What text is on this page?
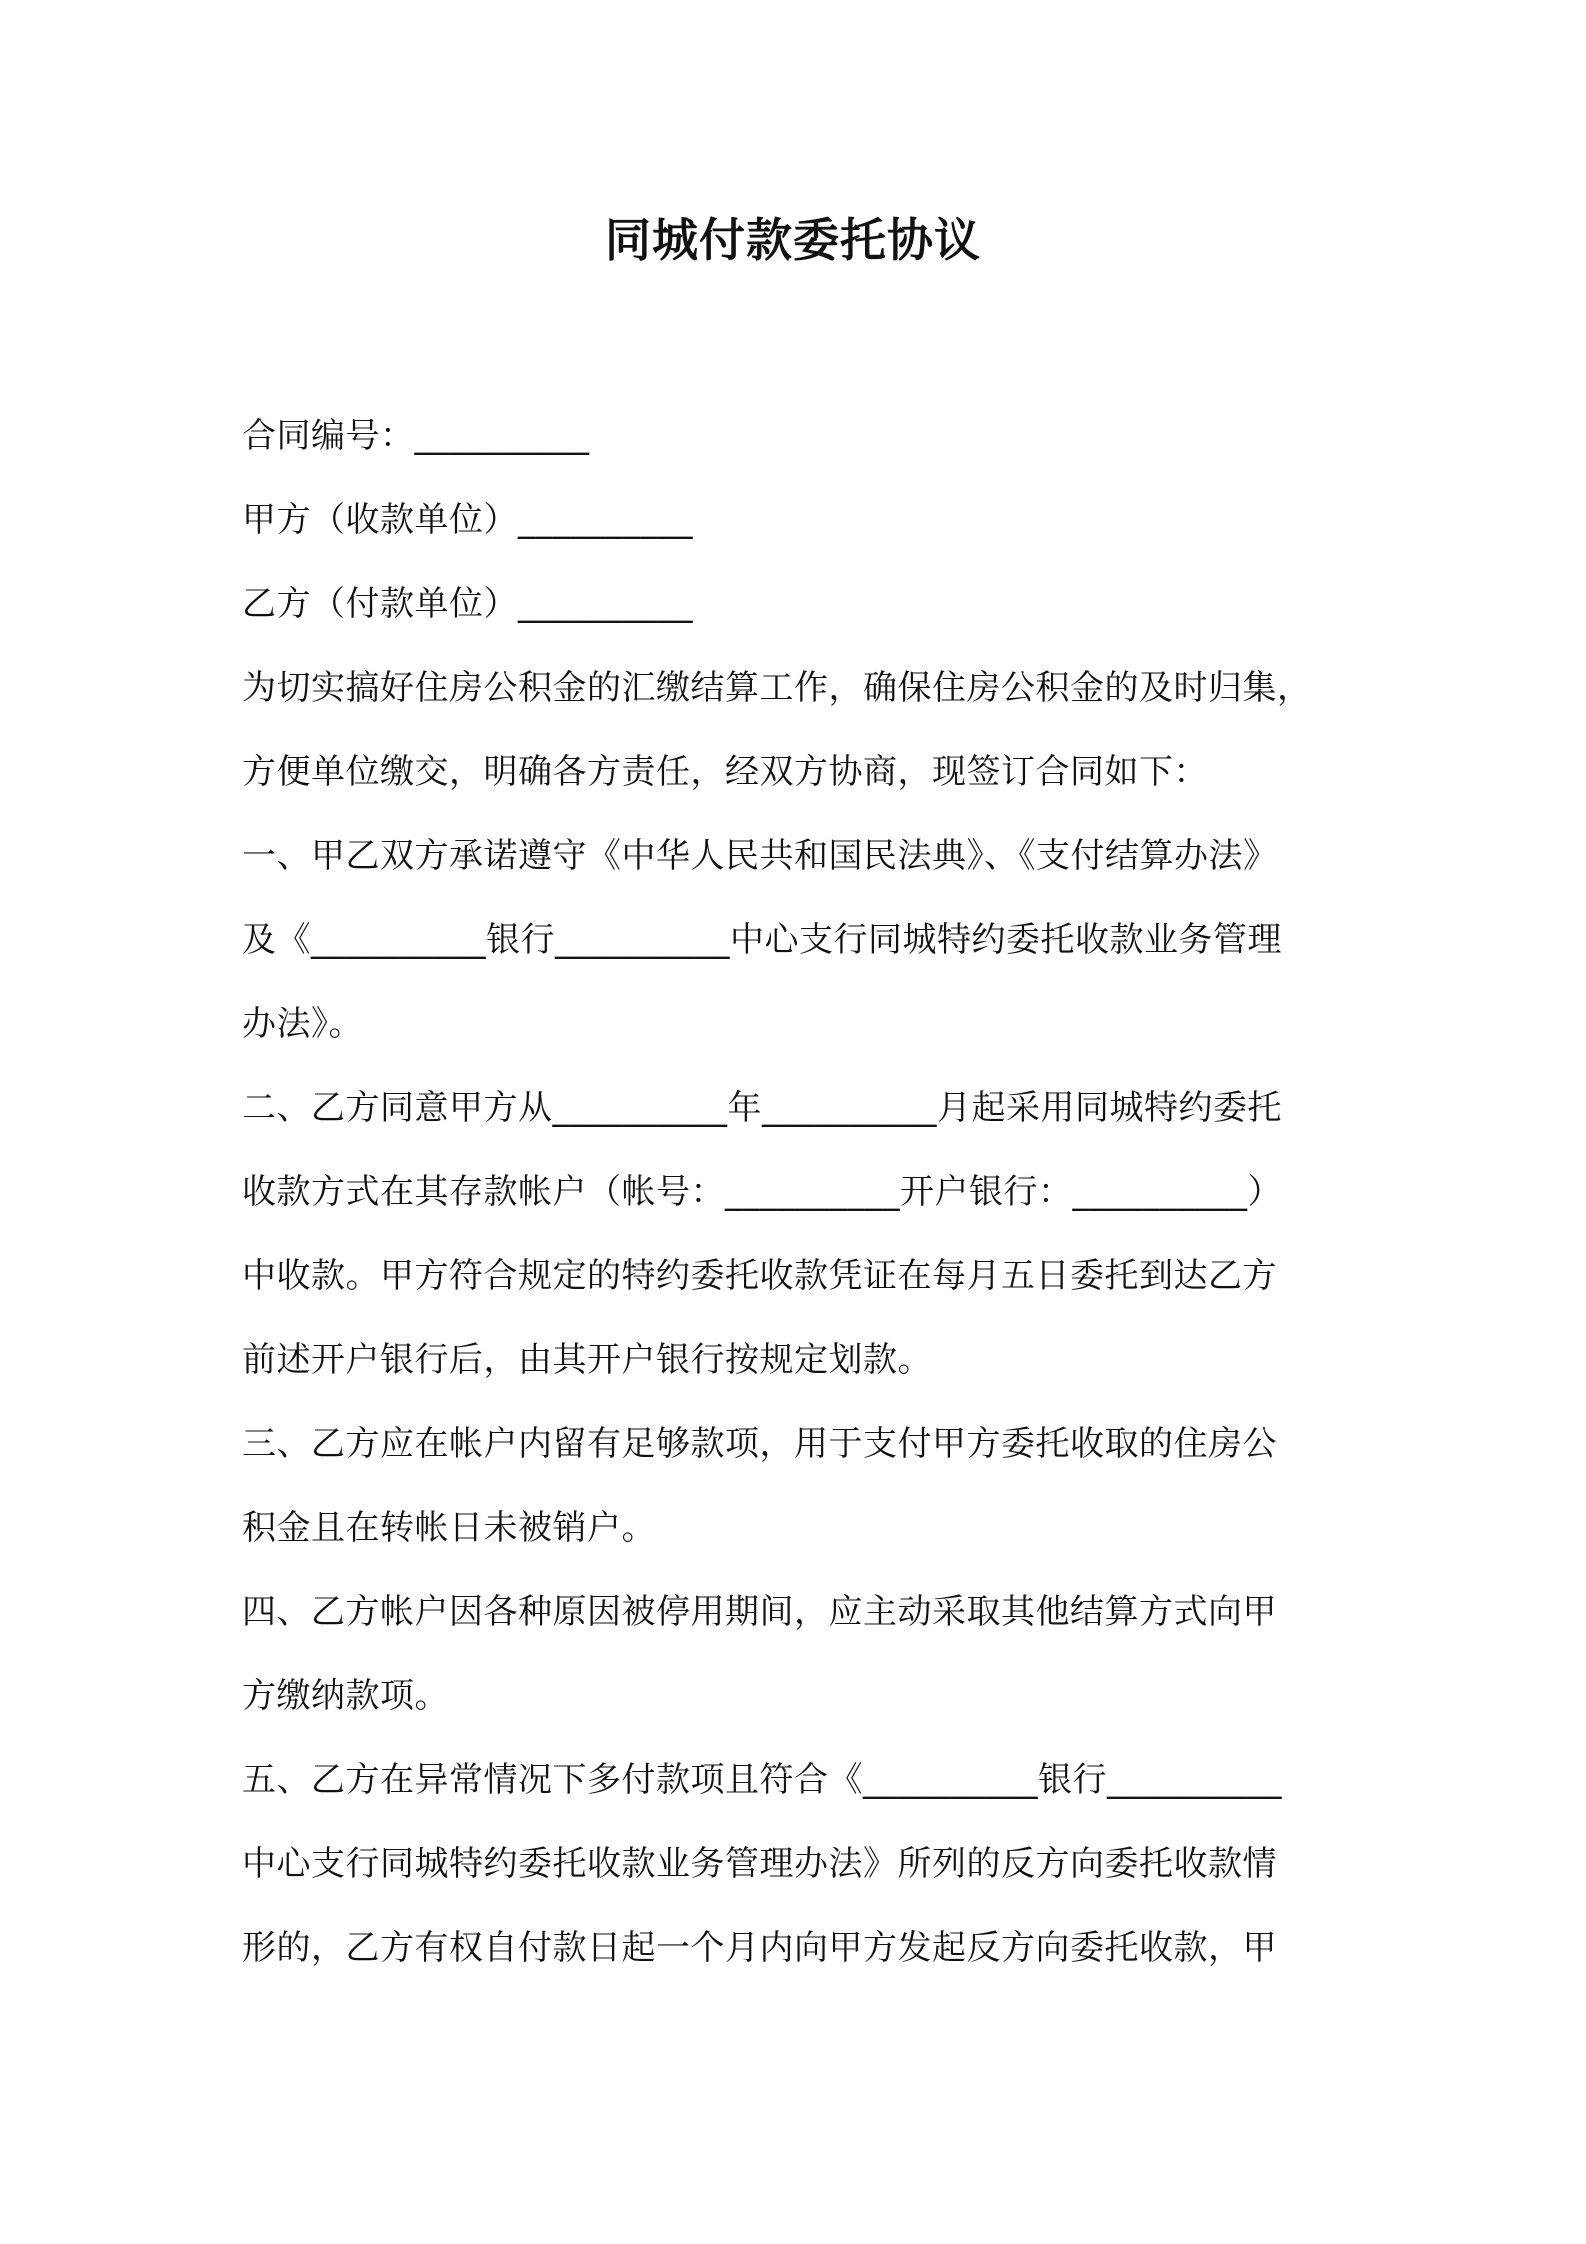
同城付款委托协议
合同编号：__________
甲方（收款单位）__________
乙方（付款单位）__________
为切实搞好住房公积金的汇缴结算工作，确保住房公积金的及时归集，
方便单位缴交，明确各方责任，经双方协商，现签订合同如下：
一、甲乙双方承诺遵守《中华人民共和国民法典》、《支付结算办法》
及《__________银行__________中心支行同城特约委托收款业务管理
办法》。
二、乙方同意甲方从__________年__________月起采用同城特约委托
收款方式在其存款帐户（帐号：__________开户银行：__________）
中收款。甲方符合规定的特约委托收款凭证在每月五日委托到达乙方
前述开户银行后，由其开户银行按规定划款。
三、乙方应在帐户内留有足够款项，用于支付甲方委托收取的住房公
积金且在转帐日未被销户。
四、乙方帐户因各种原因被停用期间，应主动采取其他结算方式向甲
方缴纳款项。
五、乙方在异常情况下多付款项且符合《__________银行__________
中心支行同城特约委托收款业务管理办法》所列的反方向委托收款情
形的，乙方有权自付款日起一个月内向甲方发起反方向委托收款，甲
